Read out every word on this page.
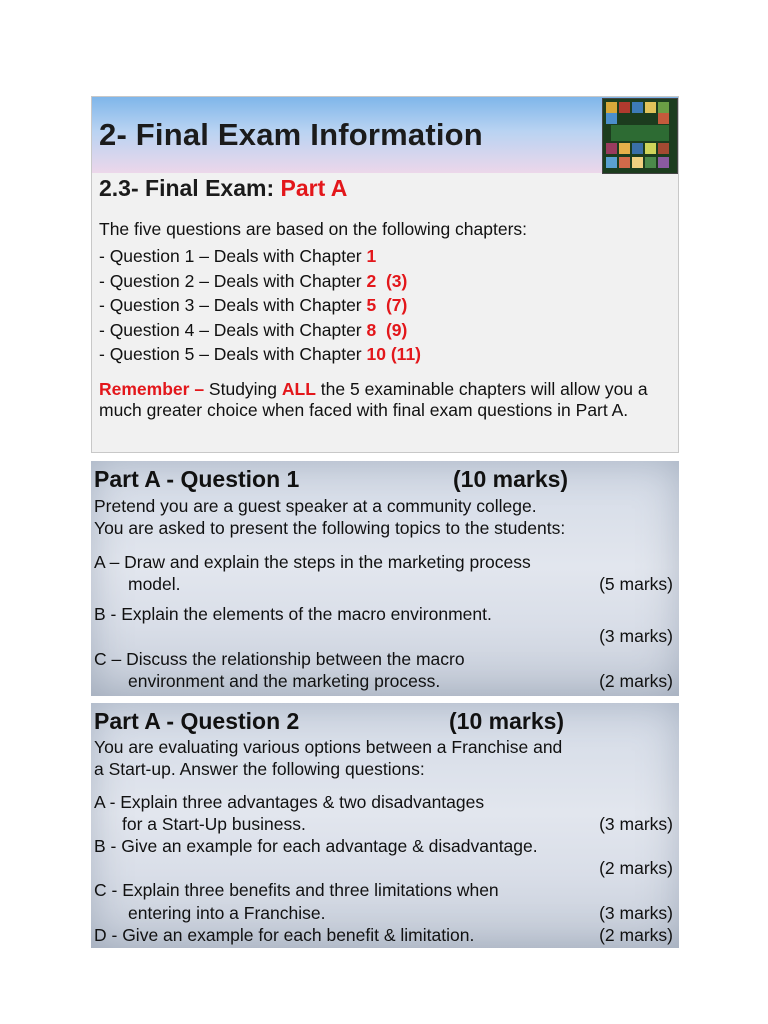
2- Final Exam Information
2.3- Final Exam: Part A
The five questions are based on the following chapters:
- Question 1 – Deals with Chapter 1
- Question 2 – Deals with Chapter 2 (3)
- Question 3 – Deals with Chapter 5 (7)
- Question 4 – Deals with Chapter 8 (9)
- Question 5 – Deals with Chapter 10 (11)
Remember – Studying ALL the 5 examinable chapters will allow you a much greater choice when faced with final exam questions in Part A.
Part A - Question 1	(10 marks)
Pretend you are a guest speaker at a community college.
You are asked to present the following topics to the students:
A – Draw and explain the steps in the marketing process
model.	(5 marks)
B - Explain the elements of the macro environment.
(3 marks)
C – Discuss the relationship between the macro
environment and the marketing process.	(2 marks)
Part A - Question 2	(10 marks)
You are evaluating various options between a Franchise and
a Start-up. Answer the following questions:
A - Explain three advantages & two disadvantages
for a Start-Up business.	(3 marks)
B - Give an example for each advantage & disadvantage.
(2 marks)
C - Explain three benefits and three limitations when
entering into a Franchise.	(3 marks)
D - Give an example for each benefit & limitation.	(2 marks)
